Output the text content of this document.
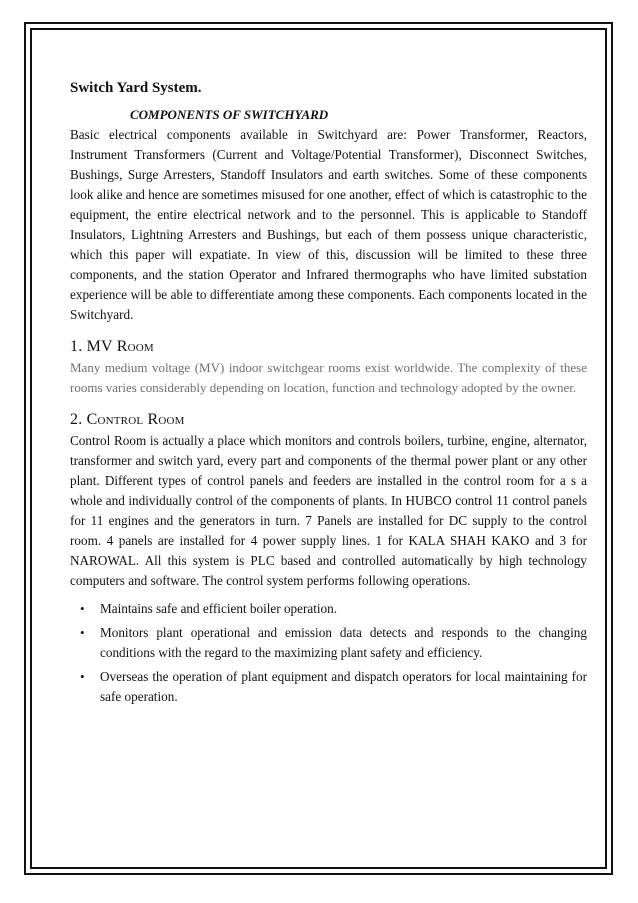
Switch Yard System.
COMPONENTS OF SWITCHYARD

Basic electrical components available in Switchyard are: Power Transformer, Reactors, Instrument Transformers (Current and Voltage/Potential Transformer), Disconnect Switches, Bushings, Surge Arresters, Standoff Insulators and earth switches. Some of these components look alike and hence are sometimes misused for one another, effect of which is catastrophic to the equipment, the entire electrical network and to the personnel. This is applicable to Standoff Insulators, Lightning Arresters and Bushings, but each of them possess unique characteristic, which this paper will expatiate. In view of this, discussion will be limited to these three components, and the station Operator and Infrared thermographs who have limited substation experience will be able to differentiate among these components. Each components located in the Switchyard.

1. MV Room

Many medium voltage (MV) indoor switchgear rooms exist worldwide. The complexity of these rooms varies considerably depending on location, function and technology adopted by the owner.

2. Control Room

Control Room is actually a place which monitors and controls boilers, turbine, engine, alternator, transformer and switch yard, every part and components of the thermal power plant or any other plant. Different types of control panels and feeders are installed in the control room for a s a whole and individually control of the components of plants. In HUBCO control 11 control panels for 11 engines and the generators in turn. 7 Panels are installed for DC supply to the control room. 4 panels are installed for 4 power supply lines. 1 for KALA SHAH KAKO and 3 for NAROWAL. All this system is PLC based and controlled automatically by high technology computers and software. The control system performs following operations.

• Maintains safe and efficient boiler operation.
• Monitors plant operational and emission data detects and responds to the changing conditions with the regard to the maximizing plant safety and efficiency.
• Overseas the operation of plant equipment and dispatch operators for local maintaining for safe operation.
